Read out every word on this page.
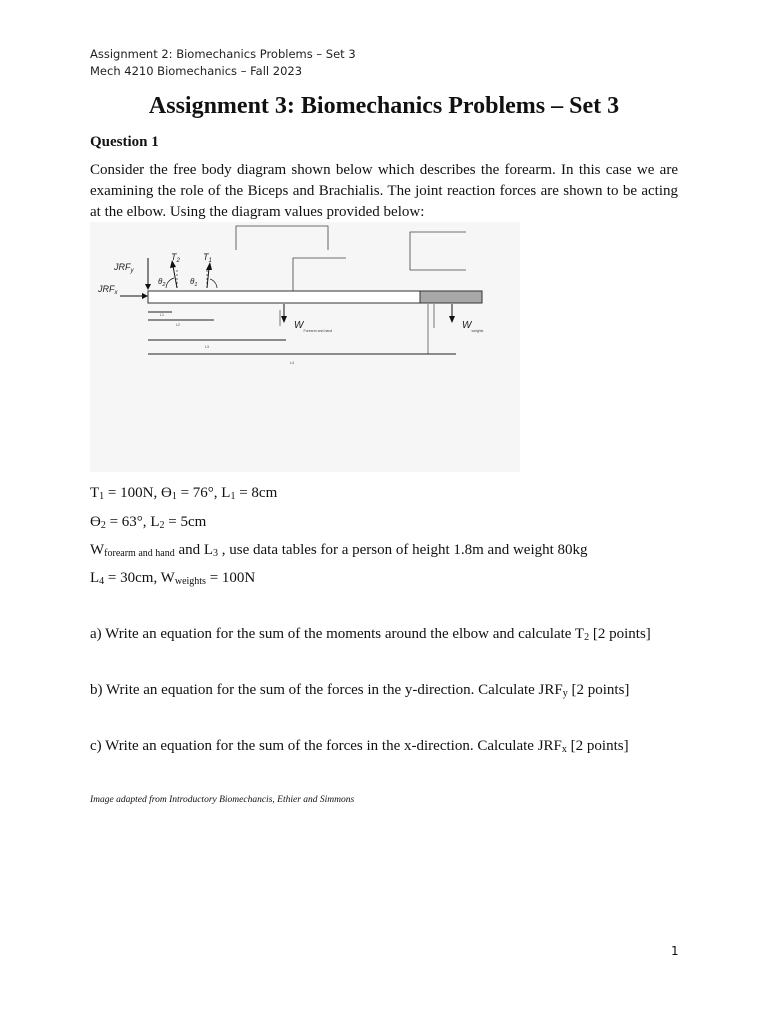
Assignment 2: Biomechanics Problems – Set 3
Mech 4210 Biomechanics – Fall 2023
Assignment 3: Biomechanics Problems – Set 3
Question 1
Consider the free body diagram shown below which describes the forearm. In this case we are examining the role of the Biceps and Brachialis. The joint reaction forces are shown to be acting at the elbow. Using the diagram values provided below:
$JRF_y$
$JRF_x$
$T_2$	$T_1$
$\theta_2$	$\theta_1$
$W_{Forearm and hand}$	$W_{weights}$
L1
L2
L3
L4
$T_1 = 100N$, $ϴ_1 = 76^\circ$, $L_1 = 8cm$
$ϴ_2 = 63^\circ$, $L_2 = 5cm$
$W_{forearm and hand}$ and $L_3$ , use data tables for a person of height 1.8m and weight 80kg
$L_4 = 30cm$, $W_{weights} = 100N$
a) Write an equation for the sum of the moments around the elbow and calculate $T_2$ [2 points]
b) Write an equation for the sum of the forces in the y-direction. Calculate $JRF_y$ [2 points]
c) Write an equation for the sum of the forces in the x-direction. Calculate $JRF_x$ [2 points]
Image adapted from Introductory Biomechancis, Ethier and Simmons
1
